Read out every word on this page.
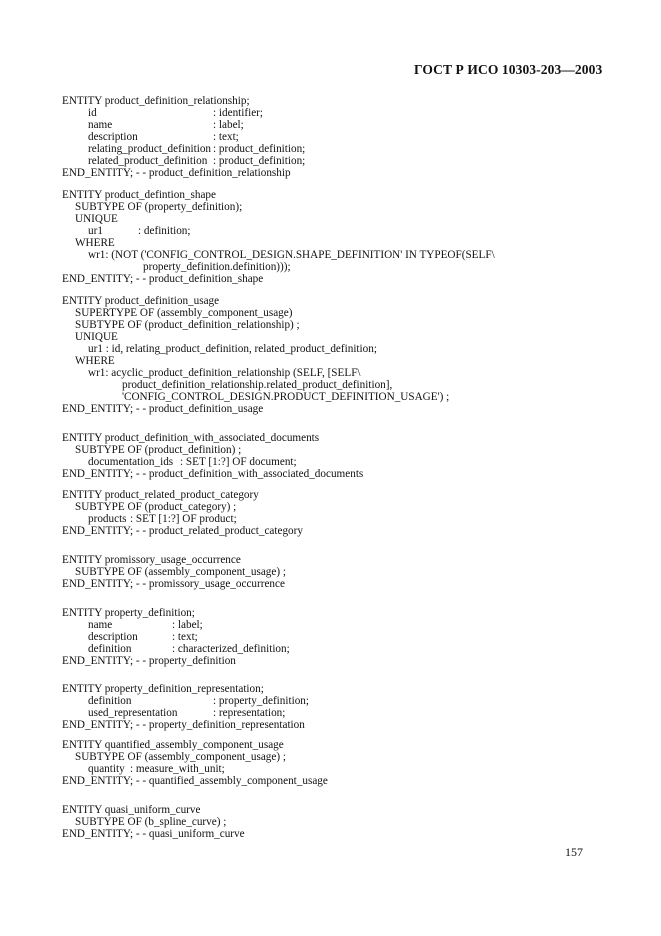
ГОСТ Р ИСО 10303-203—2003
ENTITY product_definition_relationship;
id	: identifier;
name	: label;
description	: text;
relating_product_definition : product_definition;
related_product_definition : product_definition;
END_ENTITY; - - product_definition_relationship
ENTITY product_defintion_shape
SUBTYPE OF (property_definition);
UNIQUE
ur1	: definition;
WHERE
wr1: (NOT ('CONFIG_CONTROL_DESIGN.SHAPE_DEFINITION' IN TYPEOF(SELF\
property_definition.definition)));
END_ENTITY; - - product_definition_shape
ENTITY product_definition_usage
SUPERTYPE OF (assembly_component_usage)
SUBTYPE OF (product_definition_relationship) ;
UNIQUE
ur1 : id, relating_product_definition, related_product_definition;
WHERE
wr1: acyclic_product_definition_relationship (SELF, [SELF\
product_definition_relationship.related_product_definition],
'CONFIG_CONTROL_DESIGN.PRODUCT_DEFINITION_USAGE') ;
END_ENTITY; - - product_definition_usage
ENTITY product_definition_with_associated_documents
SUBTYPE OF (product_definition) ;
documentation_ids : SET [1:?] OF document;
END_ENTITY; - - product_definition_with_associated_documents
ENTITY product_related_product_category
SUBTYPE OF (product_category) ;
products : SET [1:?] OF product;
END_ENTITY; - - product_related_product_category
ENTITY promissory_usage_occurrence
SUBTYPE OF (assembly_component_usage) ;
END_ENTITY; - - promissory_usage_occurrence
ENTITY property_definition;
name	: label;
description	: text;
definition	: characterized_definition;
END_ENTITY; - - property_definition
ENTITY property_definition_representation;
definition	: property_definition;
used_representation	: representation;
END_ENTITY; - - property_definition_representation
ENTITY quantified_assembly_component_usage
SUBTYPE OF (assembly_component_usage) ;
quantity : measure_with_unit;
END_ENTITY; - - quantified_assembly_component_usage
ENTITY quasi_uniform_curve
SUBTYPE OF (b_spline_curve) ;
END_ENTITY; - - quasi_uniform_curve
157
